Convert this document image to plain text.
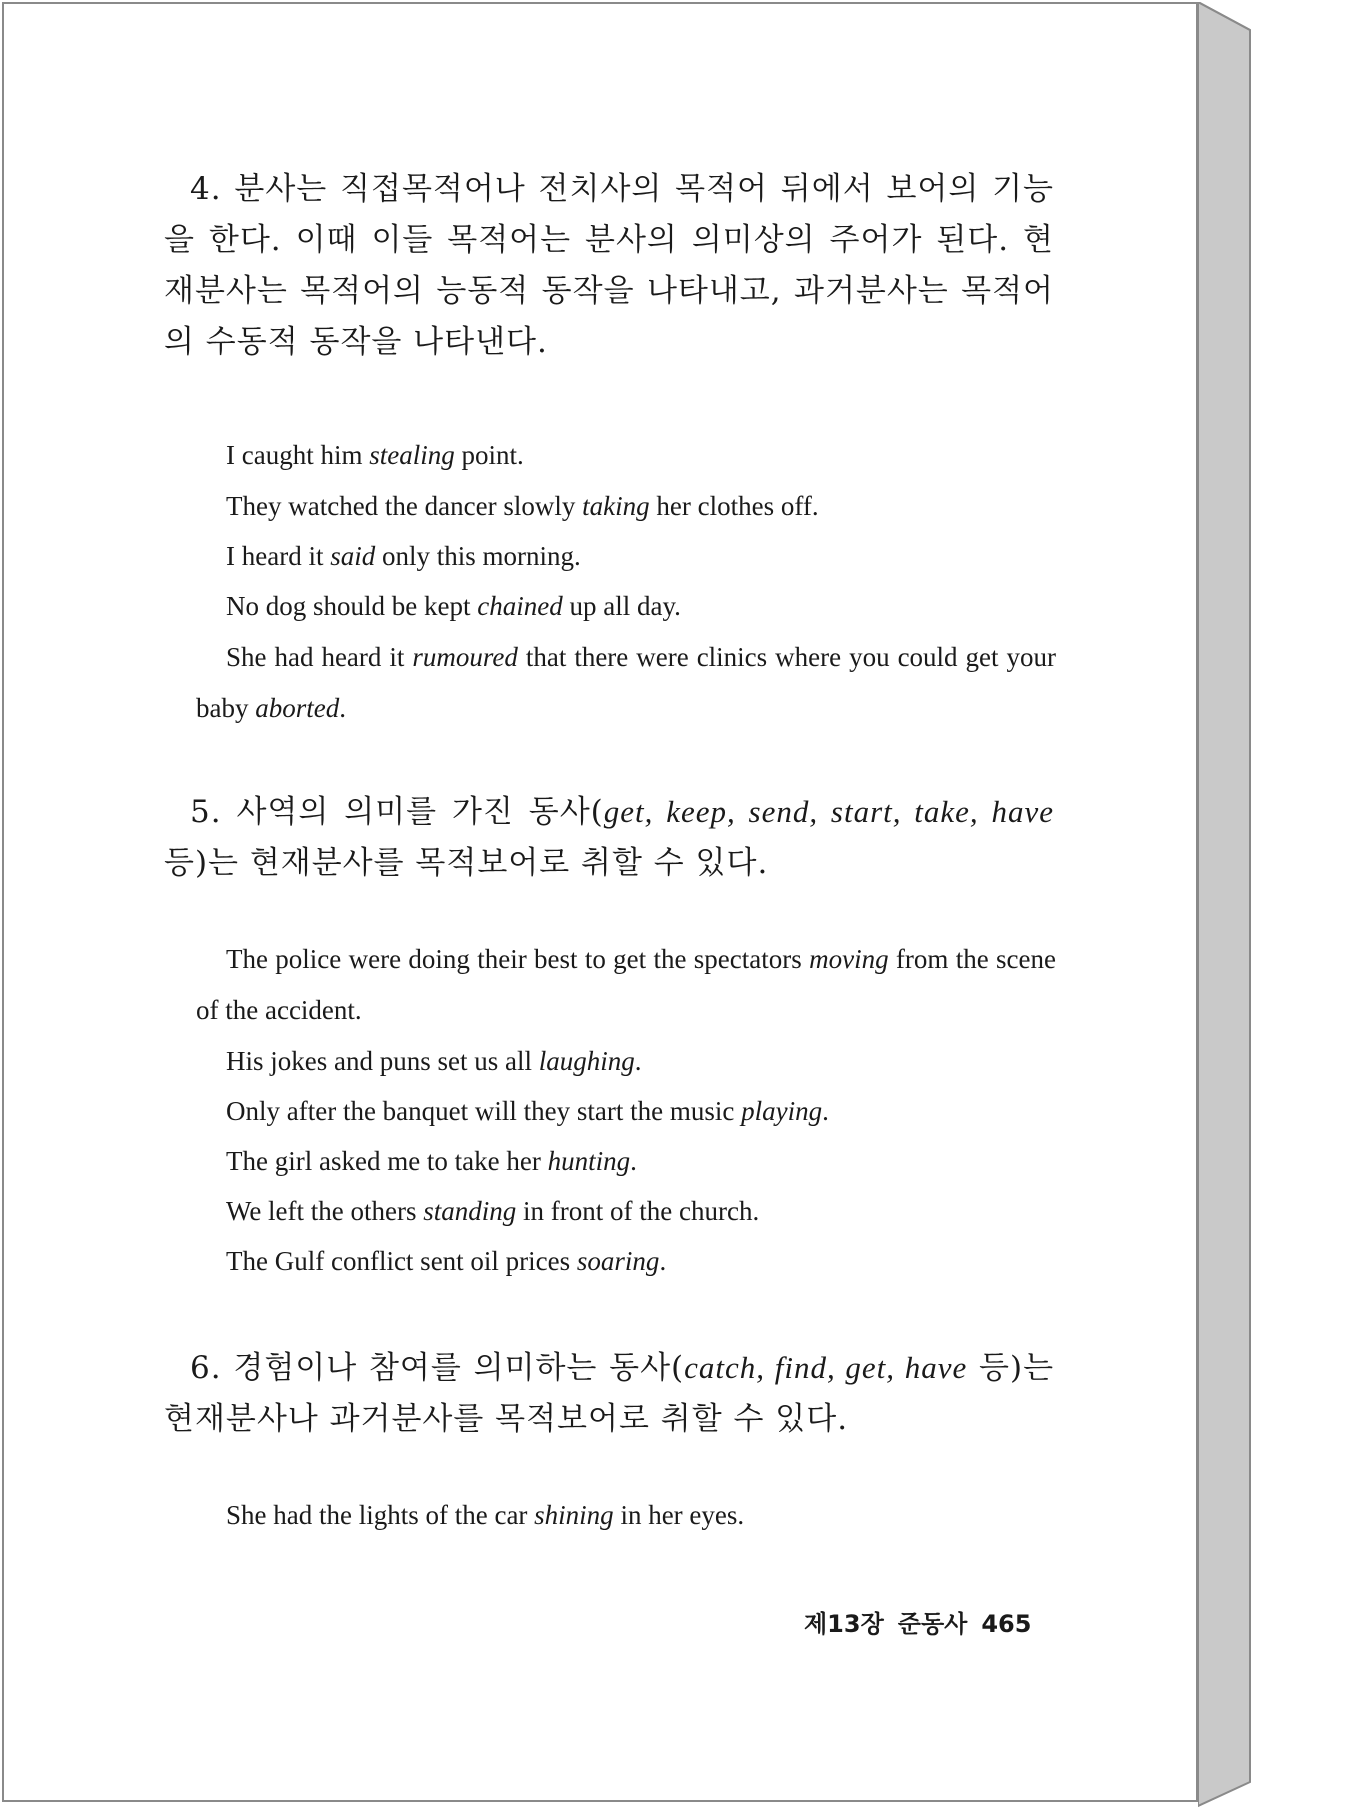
4. 분사는 직접목적어나 전치사의 목적어 뒤에서 보어의 기능을 한다. 이때 이들 목적어는 분사의 의미상의 주어가 된다. 현재분사는 목적어의 능동적 동작을 나타내고, 과거분사는 목적어의 수동적 동작을 나타낸다.
I caught him stealing point.
They watched the dancer slowly taking her clothes off.
I heard it said only this morning.
No dog should be kept chained up all day.
She had heard it rumoured that there were clinics where you could get your baby aborted.
5. 사역의 의미를 가진 동사(get, keep, send, start, take, have 등)는 현재분사를 목적보어로 취할 수 있다.
The police were doing their best to get the spectators moving from the scene of the accident.
His jokes and puns set us all laughing.
Only after the banquet will they start the music playing.
The girl asked me to take her hunting.
We left the others standing in front of the church.
The Gulf conflict sent oil prices soaring.
6. 경험이나 참여를 의미하는 동사(catch, find, get, have 등)는 현재분사나 과거분사를 목적보어로 취할 수 있다.
She had the lights of the car shining in her eyes.
제13장 준동사 465
